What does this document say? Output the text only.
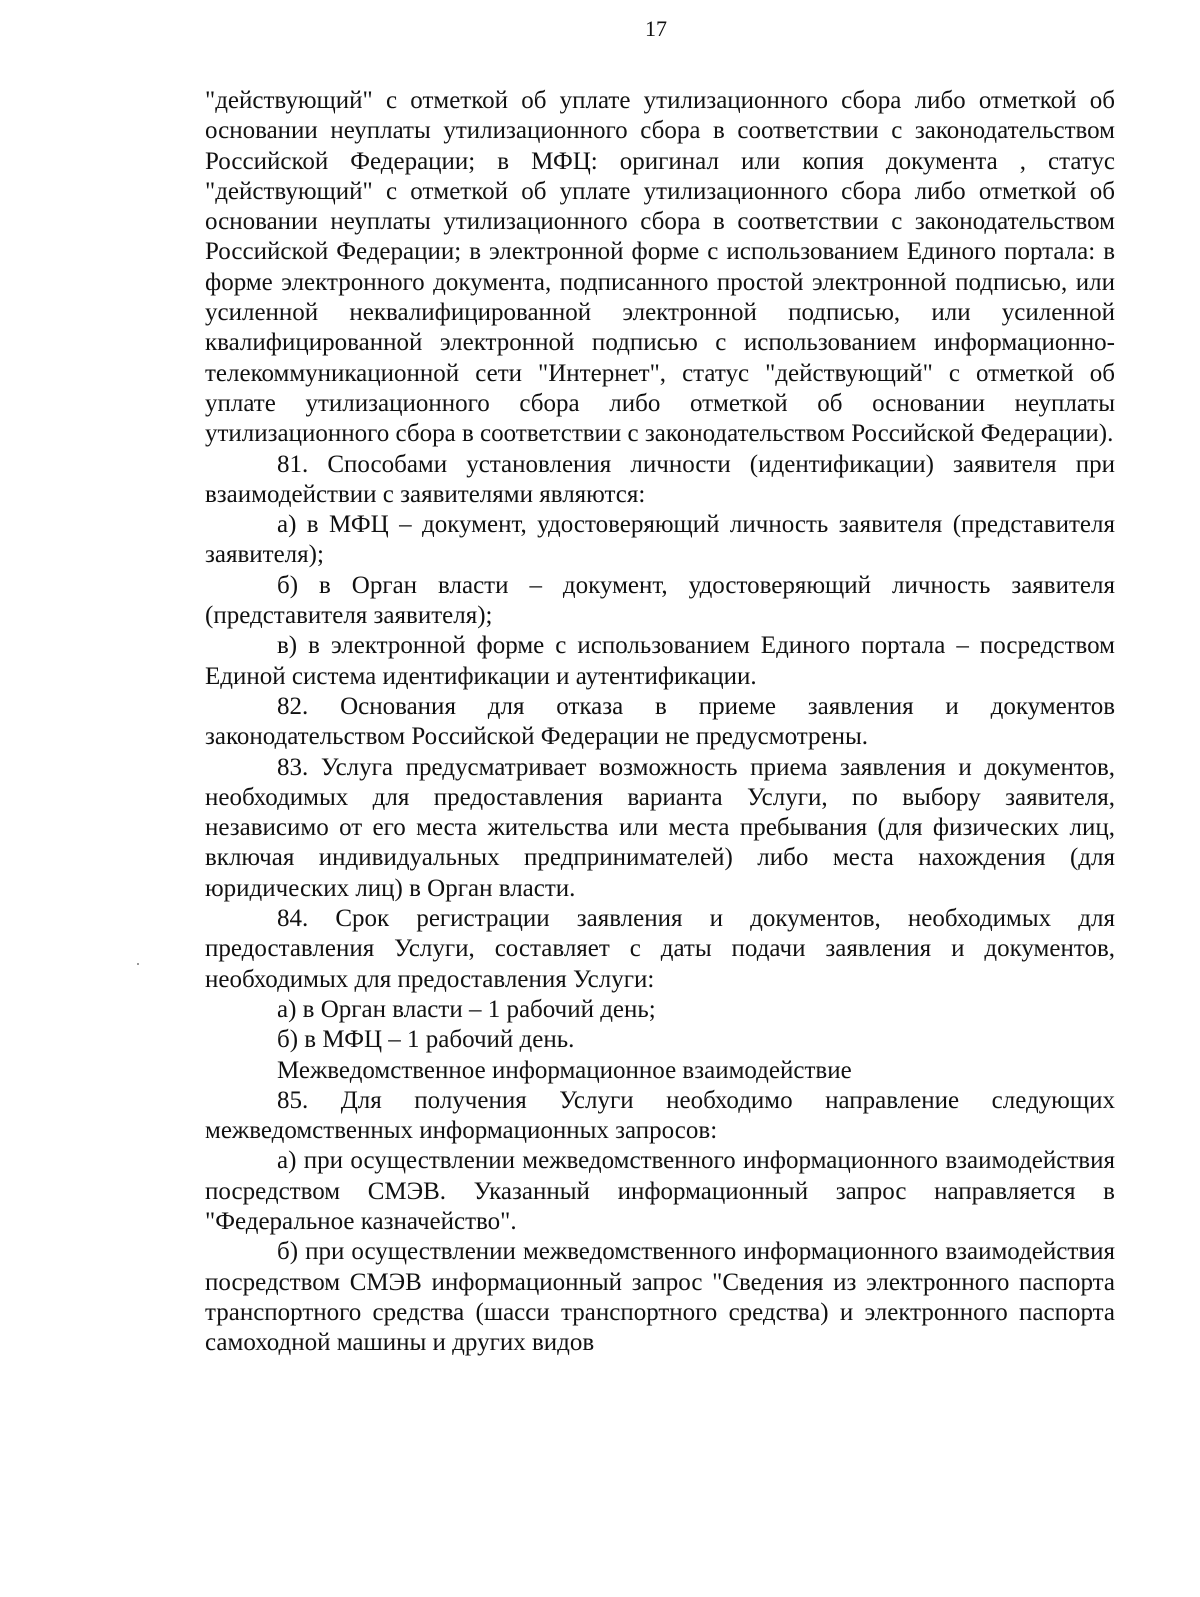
17

"действующий" с отметкой об уплате утилизационного сбора либо отметкой об основании неуплаты утилизационного сбора в соответствии с законодательством Российской Федерации; в МФЦ: оригинал или копия документа , статус "действующий" с отметкой об уплате утилизационного сбора либо отметкой об основании неуплаты утилизационного сбора в соответствии с законодательством Российской Федерации; в электронной форме с использованием Единого портала: в форме электронного документа, подписанного простой электронной подписью, или усиленной неквалифицированной электронной подписью, или усиленной квалифицированной электронной подписью с использованием информационно-телекоммуникационной сети "Интернет", статус "действующий" с отметкой об уплате утилизационного сбора либо отметкой об основании неуплаты утилизационного сбора в соответствии с законодательством Российской Федерации).

81. Способами установления личности (идентификации) заявителя при взаимодействии с заявителями являются:

а) в МФЦ – документ, удостоверяющий личность заявителя (представителя заявителя);

б) в Орган власти – документ, удостоверяющий личность заявителя (представителя заявителя);

в) в электронной форме с использованием Единого портала – посредством Единой система идентификации и аутентификации.

82. Основания для отказа в приеме заявления и документов законодательством Российской Федерации не предусмотрены.

83. Услуга предусматривает возможность приема заявления и документов, необходимых для предоставления варианта Услуги, по выбору заявителя, независимо от его места жительства или места пребывания (для физических лиц, включая индивидуальных предпринимателей) либо места нахождения (для юридических лиц) в Орган власти.

84. Срок регистрации заявления и документов, необходимых для предоставления Услуги, составляет с даты подачи заявления и документов, необходимых для предоставления Услуги:

а) в Орган власти – 1 рабочий день;

б) в МФЦ – 1 рабочий день.

Межведомственное информационное взаимодействие

85. Для получения Услуги необходимо направление следующих межведомственных информационных запросов:

а) при осуществлении межведомственного информационного взаимодействия посредством СМЭВ. Указанный информационный запрос направляется в "Федеральное казначейство".

б) при осуществлении межведомственного информационного взаимодействия посредством СМЭВ информационный запрос "Сведения из электронного паспорта транспортного средства (шасси транспортного средства) и электронного паспорта самоходной машины и других видов
